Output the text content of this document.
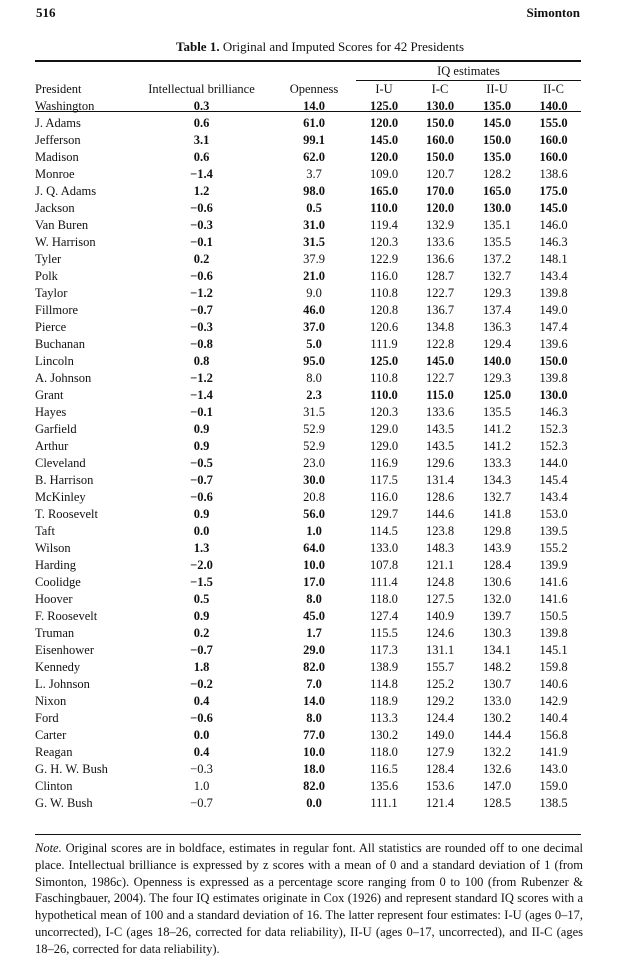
516	Simonton
Table 1. Original and Imputed Scores for 42 Presidents
			IQ estimates			
President	Intellectual brilliance	Openness	I-U	I-C	II-U	II-C
Washington	0.3	14.0	125.0	130.0	135.0	140.0
J. Adams	0.6	61.0	120.0	150.0	145.0	155.0
Jefferson	3.1	99.1	145.0	160.0	150.0	160.0
Madison	0.6	62.0	120.0	150.0	135.0	160.0
Monroe	−1.4	3.7	109.0	120.7	128.2	138.6
J. Q. Adams	1.2	98.0	165.0	170.0	165.0	175.0
Jackson	−0.6	0.5	110.0	120.0	130.0	145.0
Van Buren	−0.3	31.0	119.4	132.9	135.1	146.0
W. Harrison	−0.1	31.5	120.3	133.6	135.5	146.3
Tyler	0.2	37.9	122.9	136.6	137.2	148.1
Polk	−0.6	21.0	116.0	128.7	132.7	143.4
Taylor	−1.2	9.0	110.8	122.7	129.3	139.8
Fillmore	−0.7	46.0	120.8	136.7	137.4	149.0
Pierce	−0.3	37.0	120.6	134.8	136.3	147.4
Buchanan	−0.8	5.0	111.9	122.8	129.4	139.6
Lincoln	0.8	95.0	125.0	145.0	140.0	150.0
A. Johnson	−1.2	8.0	110.8	122.7	129.3	139.8
Grant	−1.4	2.3	110.0	115.0	125.0	130.0
Hayes	−0.1	31.5	120.3	133.6	135.5	146.3
Garfield	0.9	52.9	129.0	143.5	141.2	152.3
Arthur	0.9	52.9	129.0	143.5	141.2	152.3
Cleveland	−0.5	23.0	116.9	129.6	133.3	144.0
B. Harrison	−0.7	30.0	117.5	131.4	134.3	145.4
McKinley	−0.6	20.8	116.0	128.6	132.7	143.4
T. Roosevelt	0.9	56.0	129.7	144.6	141.8	153.0
Taft	0.0	1.0	114.5	123.8	129.8	139.5
Wilson	1.3	64.0	133.0	148.3	143.9	155.2
Harding	−2.0	10.0	107.8	121.1	128.4	139.9
Coolidge	−1.5	17.0	111.4	124.8	130.6	141.6
Hoover	0.5	8.0	118.0	127.5	132.0	141.6
F. Roosevelt	0.9	45.0	127.4	140.9	139.7	150.5
Truman	0.2	1.7	115.5	124.6	130.3	139.8
Eisenhower	−0.7	29.0	117.3	131.1	134.1	145.1
Kennedy	1.8	82.0	138.9	155.7	148.2	159.8
L. Johnson	−0.2	7.0	114.8	125.2	130.7	140.6
Nixon	0.4	14.0	118.9	129.2	133.0	142.9
Ford	−0.6	8.0	113.3	124.4	130.2	140.4
Carter	0.0	77.0	130.2	149.0	144.4	156.8
Reagan	0.4	10.0	118.0	127.9	132.2	141.9
G. H. W. Bush	−0.3	18.0	116.5	128.4	132.6	143.0
Clinton	1.0	82.0	135.6	153.6	147.0	159.0
G. W. Bush	−0.7	0.0	111.1	121.4	128.5	138.5
Note. Original scores are in boldface, estimates in regular font. All statistics are rounded off to one decimal place. Intellectual brilliance is expressed by z scores with a mean of 0 and a standard deviation of 1 (from Simonton, 1986c). Openness is expressed as a percentage score ranging from 0 to 100 (from Rubenzer & Faschingbauer, 2004). The four IQ estimates originate in Cox (1926) and represent standard IQ scores with a hypothetical mean of 100 and a standard deviation of 16. The latter represent four estimates: I-U (ages 0–17, uncorrected), I-C (ages 18–26, corrected for data reliability), II-U (ages 0–17, uncorrected), and II-C (ages 18–26, corrected for data reliability).
